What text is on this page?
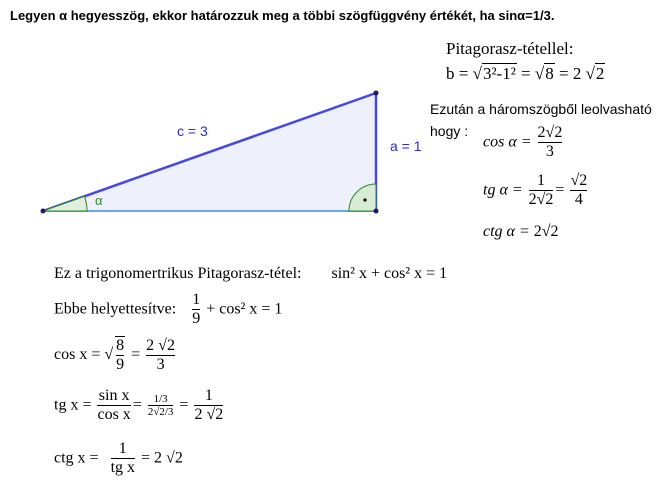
Legyen α hegyesszög, ekkor határozzuk meg a többi szögfüggvény értékét, ha sinα=1/3.
c = 3
a = 1
α
Pitagorasz-tétellel:
b = √3²-1² = √8 = 2 √2
Ezután a háromszögből leolvasható
hogy :
$\cos \alpha = \frac{2√2}{3}$
tg $\alpha = \frac{1}{2√2} = \frac{√2}{4}$
ctg α = 2√2
Ez a trigonomertrikus Pitagorasz-tétel: sin² x + cos² x = 1
Ebbe helyettesítve: $\frac{1}{9} + \cos^2$ x = 1
cos x = √ $\frac{8}{9} = \frac{2 √2}{3}$
tg $x = \frac{\text{sin x}}{\text{cos x}} = \frac{1/3}{2√2/3} = \frac{1}{2 √2}$
ctg $x = \frac{1}{\text{tg x}} = 2$ √2
